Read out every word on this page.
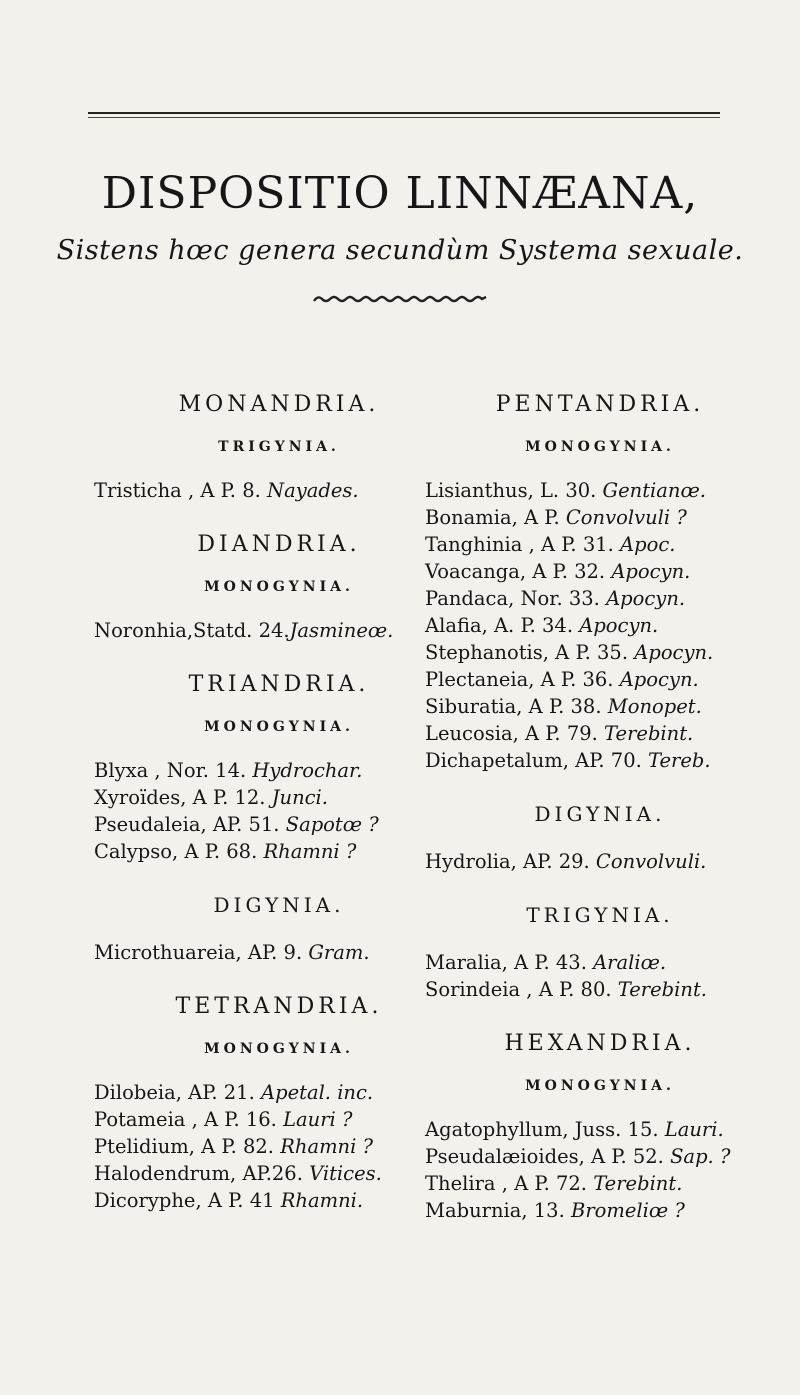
DISPOSITIO LINNÆANA,
Sistens hœc genera secundùm Systema sexuale.
MONANDRIA.
TRIGYNIA.
Tristicha , A P. 8. Nayades.
DIANDRIA.
MONOGYNIA.
Noronhia,Statd. 24.Jasmineœ.
TRIANDRIA.
MONOGYNIA.
Blyxa , Nor. 14. Hydrochar.
Xyroïdes, A P. 12. Junci.
Pseudaleia, AP. 51. Sapotœ ?
Calypso, A P. 68. Rhamni ?
DIGYNIA.
Microthuareia, AP. 9. Gram.
TETRANDRIA.
MONOGYNIA.
Dilobeia, AP. 21. Apetal. inc.
Potameia , A P. 16. Lauri ?
Ptelidium, A P. 82. Rhamni ?
Halodendrum, AP.26. Vitices.
Dicoryphe, A P. 41 Rhamni.
PENTANDRIA.
MONOGYNIA.
Lisianthus, L. 30. Gentianœ.
Bonamia, A P. Convolvuli ?
Tanghinia , A P. 31. Apoc.
Voacanga, A P. 32. Apocyn.
Pandaca, Nor. 33. Apocyn.
Alafia, A. P. 34. Apocyn.
Stephanotis, A P. 35. Apocyn.
Plectaneia, A P. 36. Apocyn.
Siburatia, A P. 38. Monopet.
Leucosia, A P. 79. Terebint.
Dichapetalum, AP. 70. Tereb.
DIGYNIA.
Hydrolia, AP. 29. Convolvuli.
TRIGYNIA.
Maralia, A P. 43. Araliœ.
Sorindeia , A P. 80. Terebint.
HEXANDRIA.
MONOGYNIA.
Agatophyllum, Juss. 15. Lauri.
Pseudalæioides, A P. 52. Sap. ?
Thelira , A P. 72. Terebint.
Maburnia, 13. Bromeliœ ?
